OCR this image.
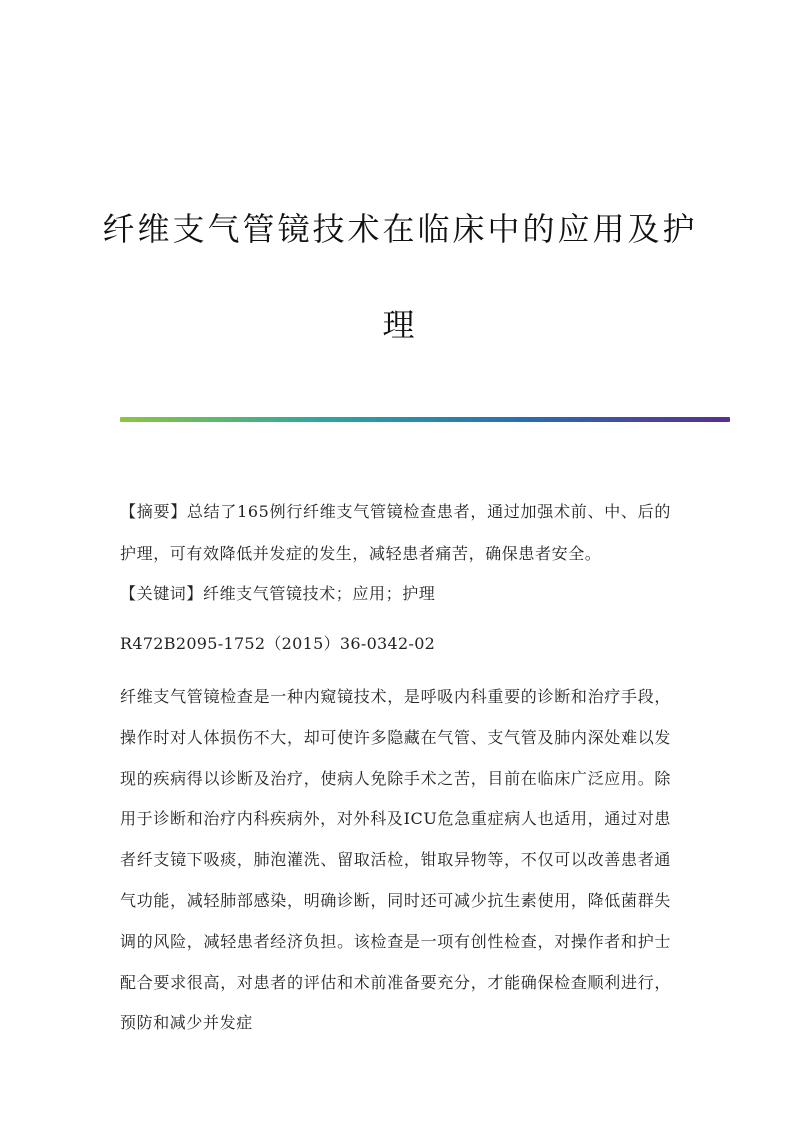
纤维支气管镜技术在临床中的应用及护
理

【摘要】总结了165例行纤维支气管镜检查患者，通过加强术前、中、后的护理，可有效降低并发症的发生，减轻患者痛苦，确保患者安全。

【关键词】纤维支气管镜技术；应用；护理

R472B2095-1752（2015）36-0342-02

纤维支气管镜检查是一种内窥镜技术，是呼吸内科重要的诊断和治疗手段，操作时对人体损伤不大，却可使许多隐藏在气管、支气管及肺内深处难以发现的疾病得以诊断及治疗，使病人免除手术之苦，目前在临床广泛应用。除用于诊断和治疗内科疾病外，对外科及ICU危急重症病人也适用，通过对患者纤支镜下吸痰，肺泡灌洗、留取活检，钳取异物等，不仅可以改善患者通气功能，减轻肺部感染，明确诊断，同时还可减少抗生素使用，降低菌群失调的风险，减轻患者经济负担。该检查是一项有创性检查，对操作者和护士配合要求很高，对患者的评估和术前准备要充分，才能确保检查顺利进行，预防和减少并发症
